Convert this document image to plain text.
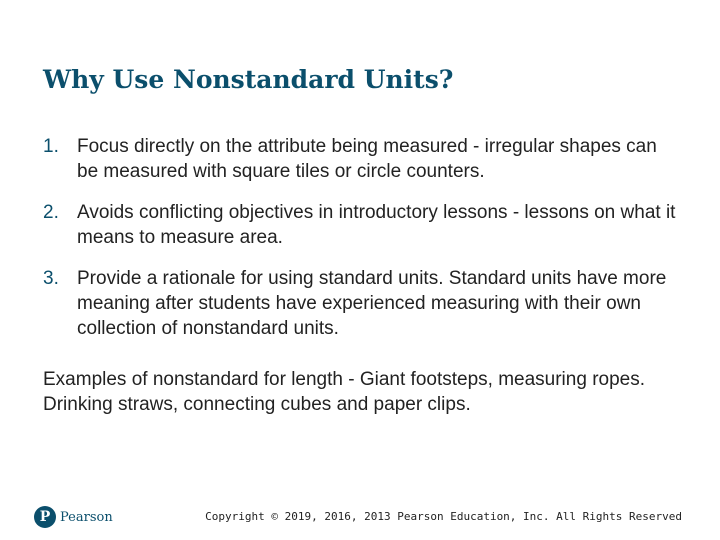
Why Use Nonstandard Units?
1. Focus directly on the attribute being measured - irregular shapes can be measured with square tiles or circle counters.
2. Avoids conflicting objectives in introductory lessons - lessons on what it means to measure area.
3. Provide a rationale for using standard units. Standard units have more meaning after students have experienced measuring with their own collection of nonstandard units.

Examples of nonstandard for length - Giant footsteps, measuring ropes. Drinking straws, connecting cubes and paper clips.

P Pearson	Copyright © 2019, 2016, 2013 Pearson Education, Inc. All Rights Reserved
